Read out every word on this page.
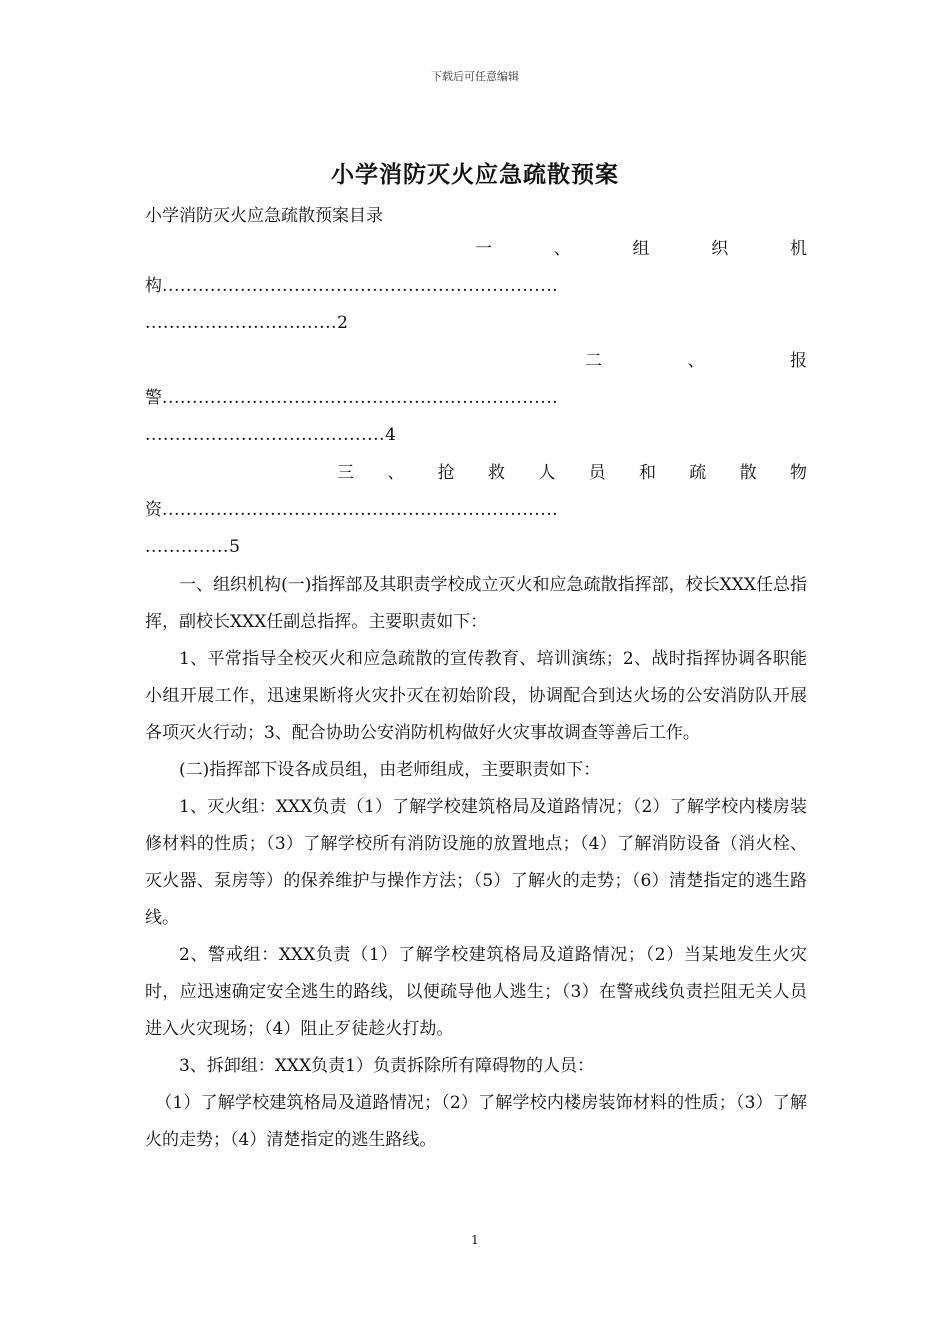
下载后可任意编辑
小学消防灭火应急疏散预案
小学消防灭火应急疏散预案目录
一	、	组	织	机
构..................................................................
................................2
二	、	报
警..................................................................
........................................4
三 、 抢 救 人 员 和 疏 散 物
资..................................................................
..............5

一、组织机构(一)指挥部及其职责学校成立灭火和应急疏散指挥部，校长XXX任总指挥，副校长XXX任副总指挥。主要职责如下：

1、平常指导全校灭火和应急疏散的宣传教育、培训演练；2、战时指挥协调各职能小组开展工作，迅速果断将火灾扑灭在初始阶段，协调配合到达火场的公安消防队开展各项灭火行动；3、配合协助公安消防机构做好火灾事故调查等善后工作。

(二)指挥部下设各成员组，由老师组成，主要职责如下：

1、灭火组：XXX负责（1）了解学校建筑格局及道路情况；（2）了解学校内楼房装修材料的性质；（3）了解学校所有消防设施的放置地点；（4）了解消防设备（消火栓、灭火器、泵房等）的保养维护与操作方法；（5）了解火的走势；（6）清楚指定的逃生路线。

2、警戒组：XXX负责（1）了解学校建筑格局及道路情况；（2）当某地发生火灾时，应迅速确定安全逃生的路线，以便疏导他人逃生；（3）在警戒线负责拦阻无关人员进入火灾现场；（4）阻止歹徒趁火打劫。

3、拆卸组：XXX负责1）负责拆除所有障碍物的人员：

（1）了解学校建筑格局及道路情况；（2）了解学校内楼房装饰材料的性质；（3）了解火的走势；（4）清楚指定的逃生路线。

1
